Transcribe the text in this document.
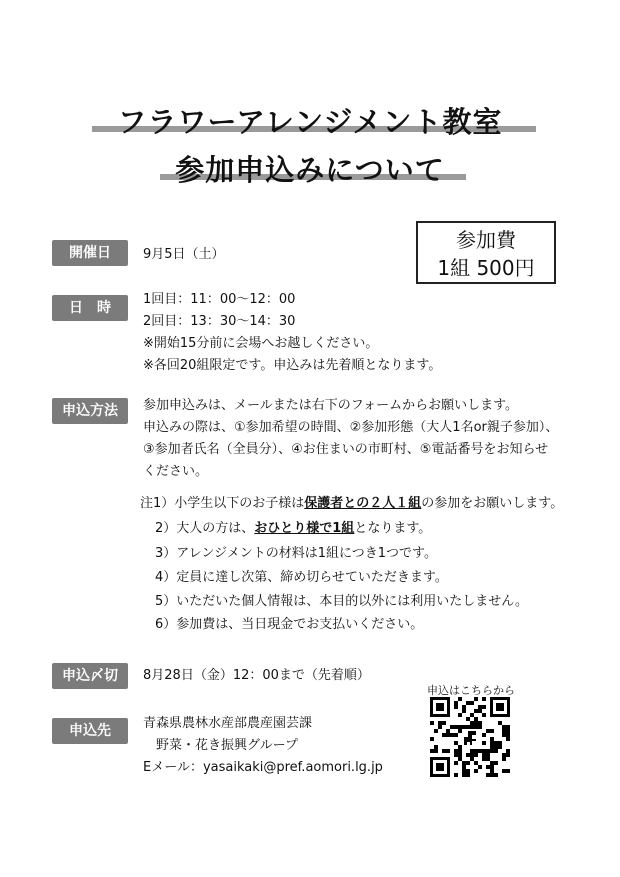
フラワーアレンジメント教室
参加申込みについて
参加費
1組 500円
開催日	9月5日（土）
日　時
1回目：11：00〜12：00
2回目：13：30〜14：30
※開始15分前に会場へお越しください。
※各回20組限定です。申込みは先着順となります。
申込方法	参加申込みは、メールまたは右下のフォームからお願いします。
申込みの際は、①参加希望の時間、②参加形態（大人1名or親子参加）、
③参加者氏名（全員分）、④お住まいの市町村、⑤電話番号をお知らせ
ください。
注1）小学生以下のお子様は保護者との２人１組の参加をお願いします。
2）大人の方は、おひとり様で1組となります。
3）アレンジメントの材料は1組につき1つです。
4）定員に達し次第、締め切らせていただきます。
5）いただいた個人情報は、本目的以外には利用いたしません。
6）参加費は、当日現金でお支払いください。
申込〆切	8月28日（金）12：00まで（先着順）
申込先	青森県農林水産部農産園芸課
　野菜・花き振興グループ
Eメール：yasaikaki@pref.aomori.lg.jp
申込はこちらから
